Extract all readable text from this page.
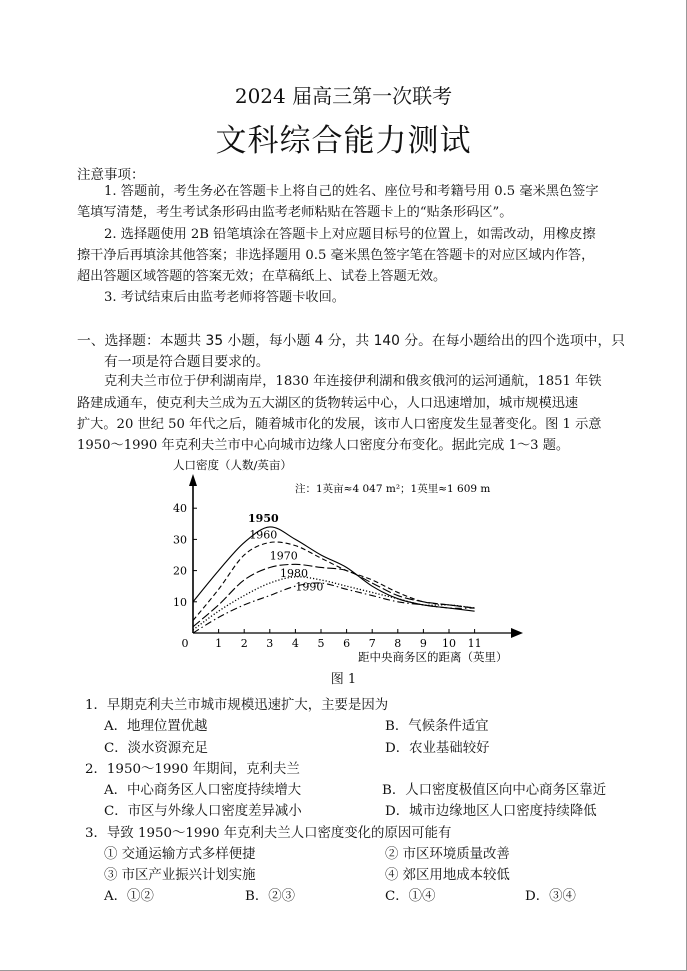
2024 届高三第一次联考
文科综合能力测试
注意事项：
1. 答题前，考生务必在答题卡上将自己的姓名、座位号和考籍号用 0.5 毫米黑色签字
笔填写清楚，考生考试条形码由监考老师粘贴在答题卡上的“贴条形码区”。
2. 选择题使用 2B 铅笔填涂在答题卡上对应题目标号的位置上，如需改动，用橡皮擦
擦干净后再填涂其他答案；非选择题用 0.5 毫米黑色签字笔在答题卡的对应区域内作答，
超出答题区域答题的答案无效；在草稿纸上、试卷上答题无效。
3. 考试结束后由监考老师将答题卡收回。
一、选择题：本题共 35 小题，每小题 4 分，共 140 分。在每小题给出的四个选项中，只
有一项是符合题目要求的。
克利夫兰市位于伊利湖南岸，1830 年连接伊利湖和俄亥俄河的运河通航，1851 年铁
路建成通车，使克利夫兰成为五大湖区的货物转运中心，人口迅速增加，城市规模迅速
扩大。20 世纪 50 年代之后，随着城市化的发展，该市人口密度发生显著变化。图 1 示意
1950～1990 年克利夫兰市中心向城市边缘人口密度分布变化。据此完成 1～3 题。
人口密度（人数/英亩）
注：1英亩≈4 047 m²；1英里≈1 609 m
0 1 2 3 4 5 6 7 8 9 10 11
10
20
30
40
1950
1960
1970
1980
1990
距中央商务区的距离（英里）
图 1
1．早期克利夫兰市城市规模迅速扩大，主要是因为
A．地理位置优越	B．气候条件适宜
C．淡水资源充足	D．农业基础较好
2．1950～1990 年期间，克利夫兰
A．中心商务区人口密度持续增大	B．人口密度极值区向中心商务区靠近
C．市区与外缘人口密度差异减小	D．城市边缘地区人口密度持续降低
3．导致 1950～1990 年克利夫兰人口密度变化的原因可能有
① 交通运输方式多样便捷	② 市区环境质量改善
③ 市区产业振兴计划实施	④ 郊区用地成本较低
A．①②	B．②③	C．①④	D．③④
